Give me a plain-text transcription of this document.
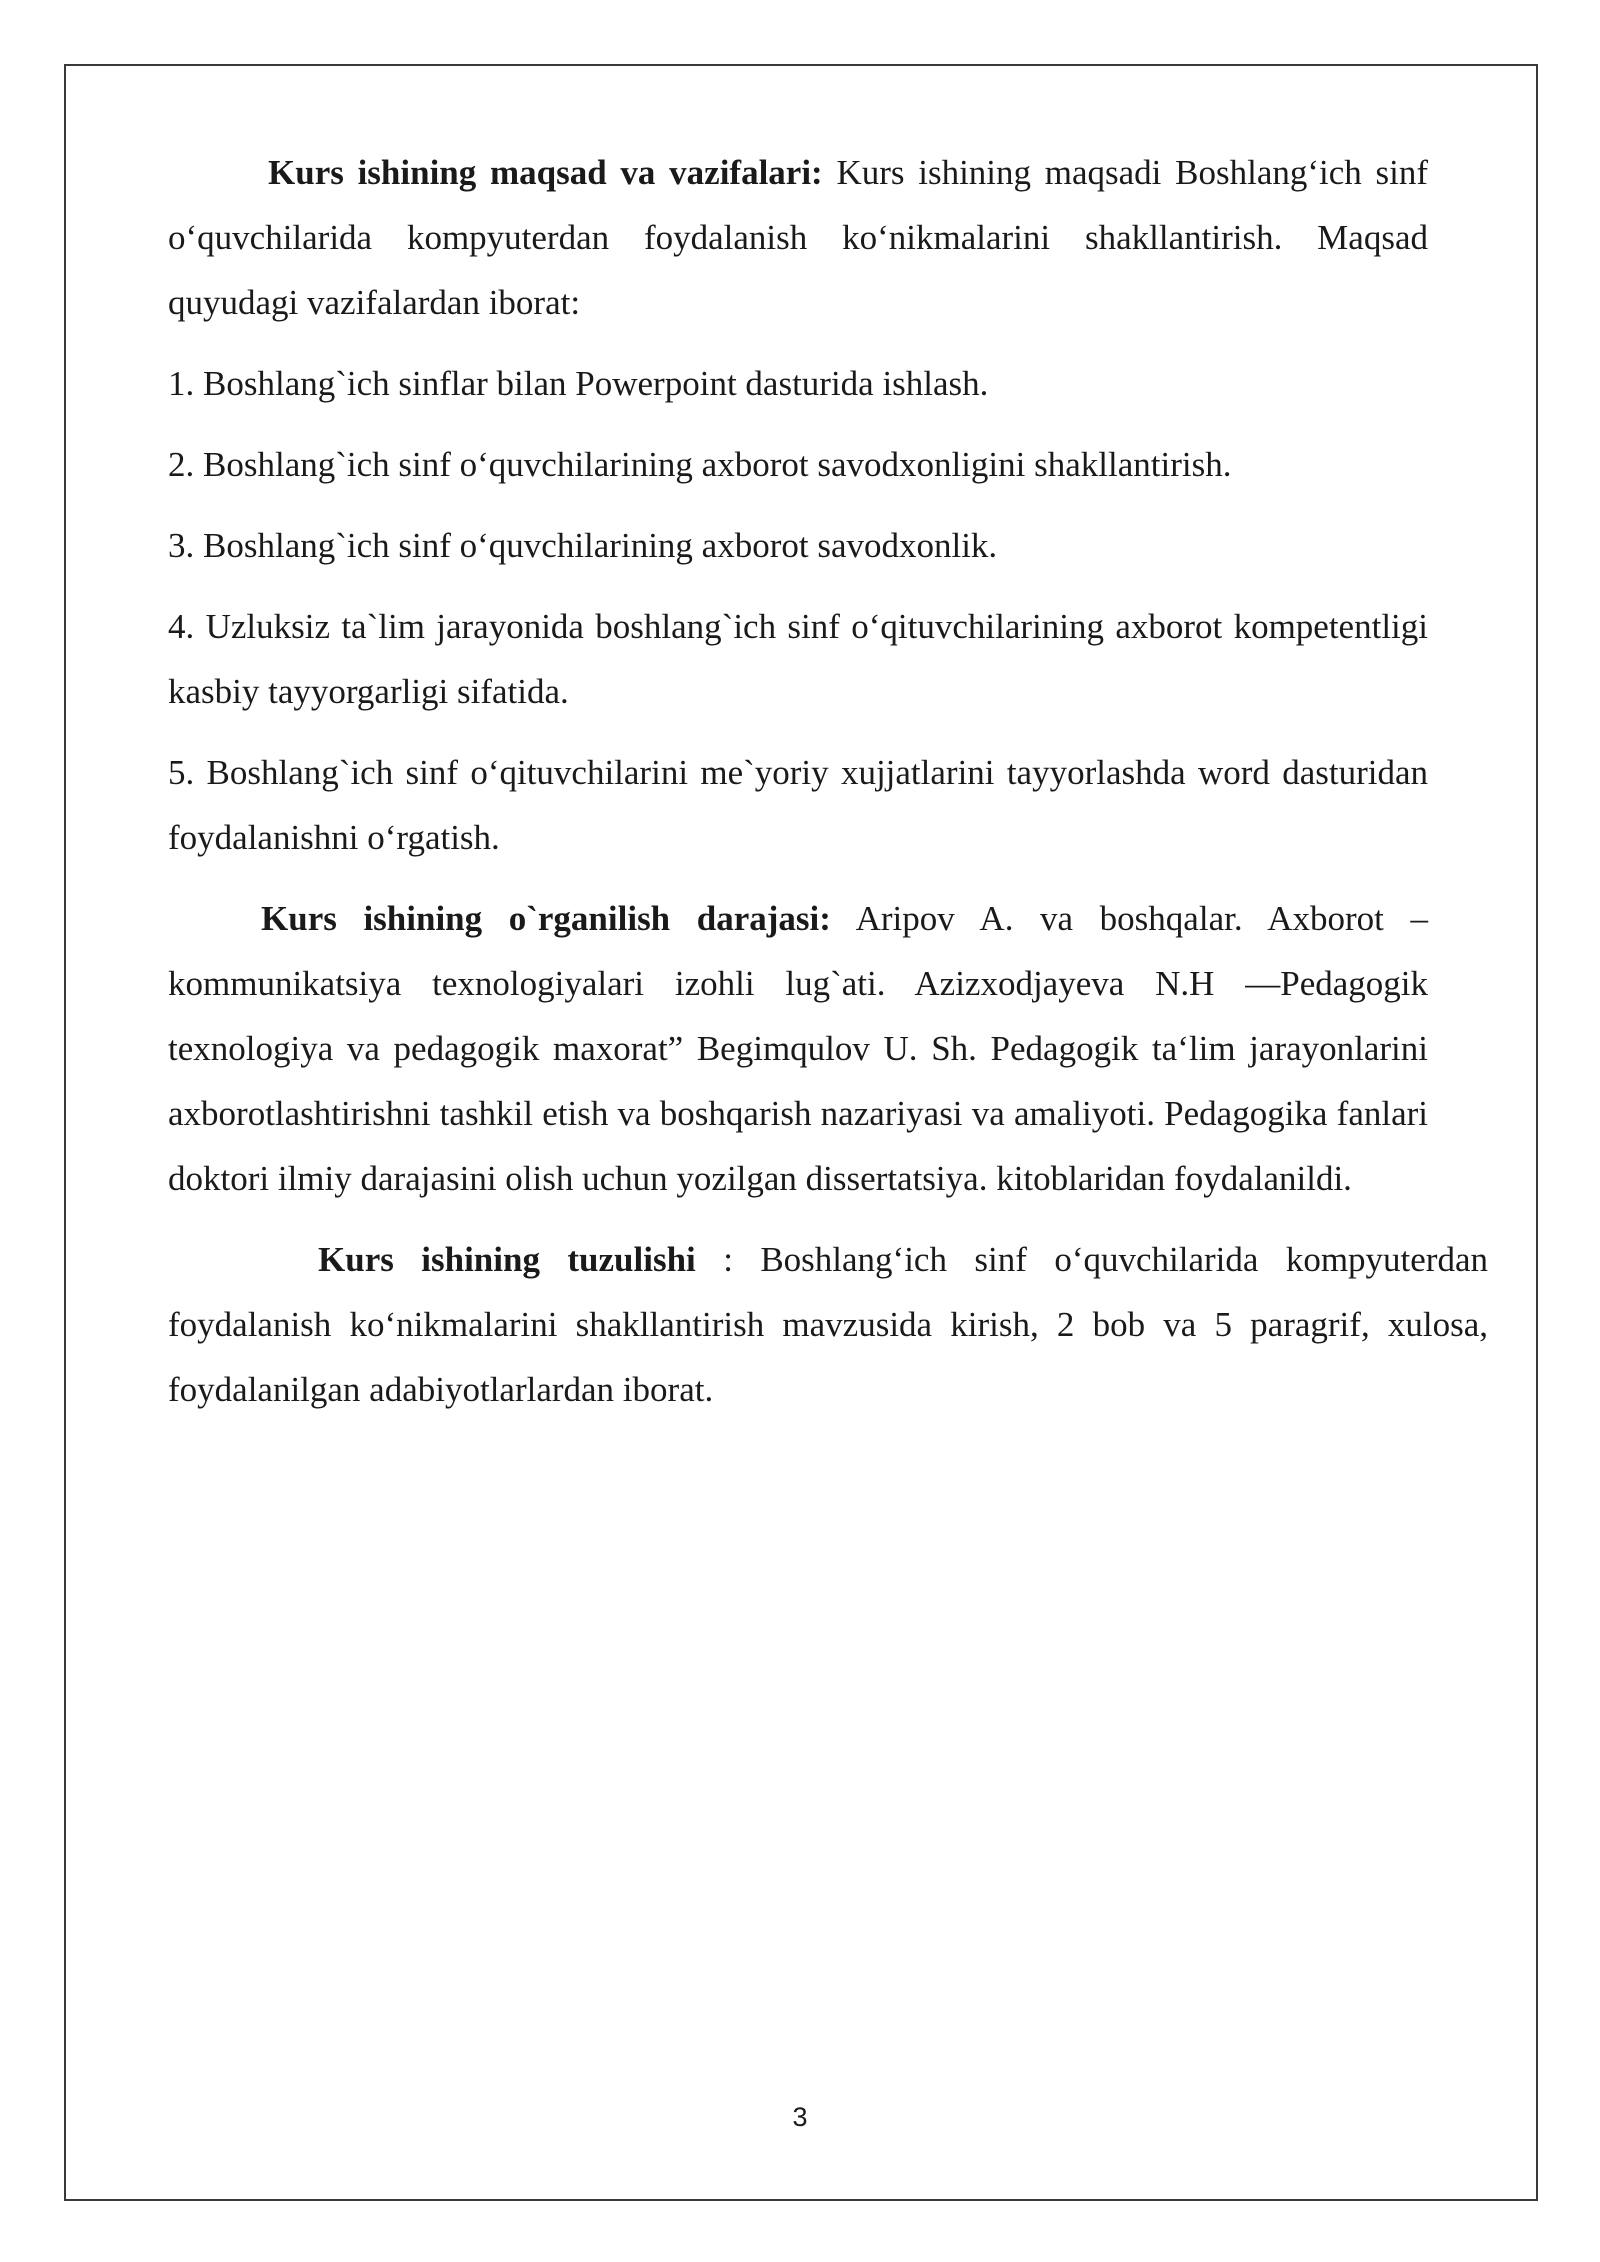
Kurs ishining maqsad va vazifalari: Kurs ishining maqsadi Boshlang‘ich sinf o‘quvchilarida kompyuterdan foydalanish ko‘nikmalarini shakllantirish. Maqsad quyudagi vazifalardan iborat:

1. Boshlang`ich sinflar bilan Powerpoint dasturida ishlash.

2. Boshlang`ich sinf o‘quvchilarining axborot savodxonligini shakllantirish.

3. Boshlang`ich sinf o‘quvchilarining axborot savodxonlik.

4. Uzluksiz ta`lim jarayonida boshlang`ich sinf o‘qituvchilarining axborot kompetentligi kasbiy tayyorgarligi sifatida.

5. Boshlang`ich sinf o‘qituvchilarini me`yoriy xujjatlarini tayyorlashda word dasturidan foydalanishni o‘rgatish.

Kurs ishining o`rganilish darajasi: Aripov A. va boshqalar. Axborot – kommunikatsiya texnologiyalari izohli lug`ati. Azizxodjayeva N.H ―Pedagogik texnologiya va pedagogik maxorat” Begimqulov U. Sh. Pedagogik ta‘lim jarayonlarini axborotlashtirishni tashkil etish va boshqarish nazariyasi va amaliyoti. Pedagogika fanlari doktori ilmiy darajasini olish uchun yozilgan dissertatsiya. kitoblaridan foydalanildi.

Kurs ishining tuzulishi : Boshlang‘ich sinf o‘quvchilarida kompyuterdan foydalanish ko‘nikmalarini shakllantirish mavzusida kirish, 2 bob va 5 paragrif, xulosa, foydalanilgan adabiyotlarlardan iborat.

3
